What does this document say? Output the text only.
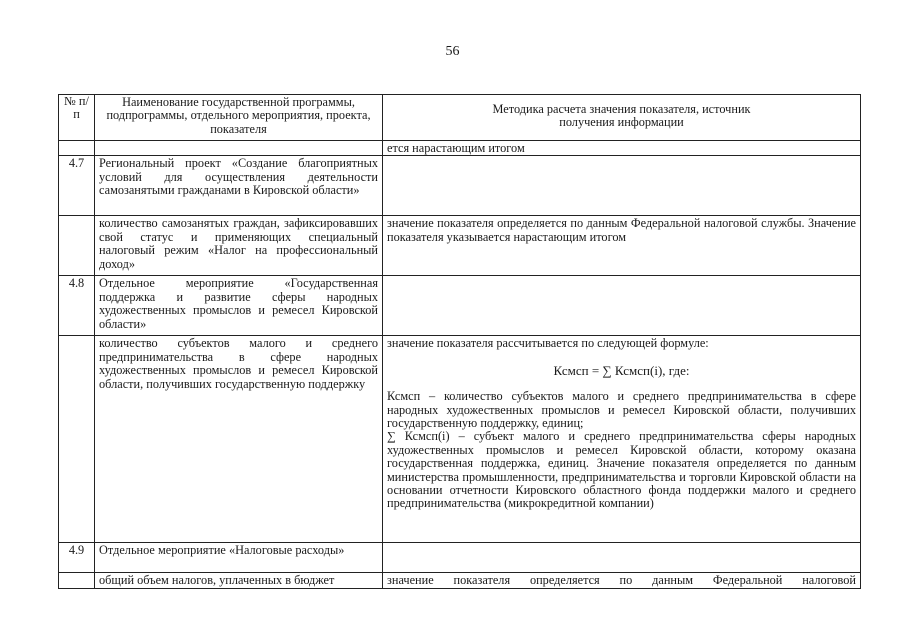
56
№ п/п	Наименование государственной программы, подпрограммы, отдельного мероприятия, проекта, показателя	Методика расчета значения показателя, источник получения информации
		ется нарастающим итогом
4.7	Региональный проект «Создание благоприятных условий для осуществления деятельности самозанятыми гражданами в Кировской области»	
	количество самозанятых граждан, зафиксировавших свой статус и применяющих специальный налоговый режим «Налог на профессиональный доход»	значение показателя определяется по данным Федеральной налоговой службы. Значение показателя указывается нарастающим итогом
4.8	Отдельное мероприятие «Государственная поддержка и развитие сферы народных художественных промыслов и ремесел Кировской области»	
	количество субъектов малого и среднего предпринимательства в сфере народных художественных промыслов и ремесел Кировской области, получивших государственную поддержку	значение показателя рассчитывается по следующей формуле:
Ксмсп = ∑ Ксмсп(i), где:
Ксмсп – количество субъектов малого и среднего предпринимательства в сфере народных художественных промыслов и ремесел Кировской области, получивших государственную поддержку, единиц;
∑ Ксмсп(i) – субъект малого и среднего предпринимательства сферы народных художественных промыслов и ремесел Кировской области, которому оказана государственная поддержка, единиц. Значение показателя определяется по данным министерства промышленности, предпринимательства и торговли Кировской области на основании отчетности Кировского областного фонда поддержки малого и среднего предпринимательства (микрокредитной компании)

4.9	Отдельное мероприятие «Налоговые расходы»	
	общий объем налогов, уплаченных в бюджет	значение показателя определяется по данным Федеральной налоговой
